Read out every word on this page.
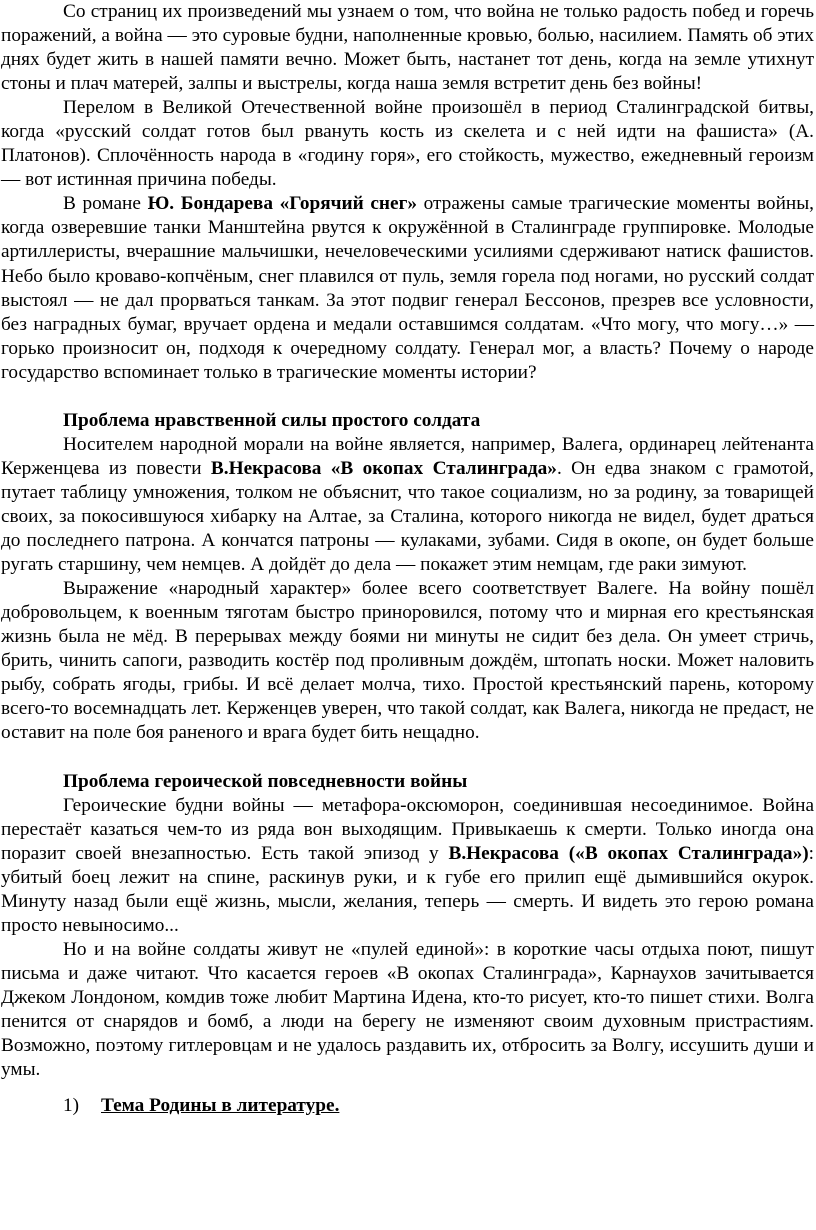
Со страниц их произведений мы узнаем о том, что война не только радость побед и горечь поражений, а война — это суровые будни, наполненные кровью, болью, насилием. Память об этих днях будет жить в нашей памяти вечно. Может быть, настанет тот день, когда на земле утихнут стоны и плач матерей, залпы и выстрелы, когда наша земля встретит день без войны!

Перелом в Великой Отечественной войне произошёл в период Сталинградской битвы, когда «русский солдат готов был рвануть кость из скелета и с ней идти на фашиста» (А. Платонов). Сплочённость народа в «годину горя», его стойкость, мужество, ежедневный героизм — вот истинная причина победы.

В романе Ю. Бондарева «Горячий снег» отражены самые трагические моменты войны, когда озверевшие танки Манштейна рвутся к окружённой в Сталинграде группировке. Молодые артиллеристы, вчерашние мальчишки, нечеловеческими усилиями сдерживают натиск фашистов. Небо было кроваво-копчёным, снег плавился от пуль, земля горела под ногами, но русский солдат выстоял — не дал прорваться танкам. За этот подвиг генерал Бессонов, презрев все условности, без наградных бумаг, вручает ордена и медали оставшимся солдатам. «Что могу, что могу…» — горько произносит он, подходя к очередному солдату. Генерал мог, а власть? Почему о народе государство вспоминает только в трагические моменты истории?

Проблема нравственной силы простого солдата

Носителем народной морали на войне является, например, Валега, ординарец лейтенанта Керженцева из повести В.Некрасова «В окопах Сталинграда». Он едва знаком с грамотой, путает таблицу умножения, толком не объяснит, что такое социализм, но за родину, за товарищей своих, за покосившуюся хибарку на Алтае, за Сталина, которого никогда не видел, будет драться до последнего патрона. А кончатся патроны — кулаками, зубами. Сидя в окопе, он будет больше ругать старшину, чем немцев. А дойдёт до дела — покажет этим немцам, где раки зимуют.

Выражение «народный характер» более всего соответствует Валеге. На войну пошёл добровольцем, к военным тяготам быстро приноровился, потому что и мирная его крестьянская жизнь была не мёд. В перерывах между боями ни минуты не сидит без дела. Он умеет стричь, брить, чинить сапоги, разводить костёр под проливным дождём, штопать носки. Может наловить рыбу, собрать ягоды, грибы. И всё делает молча, тихо. Простой крестьянский парень, которому всего-то восемнадцать лет. Керженцев уверен, что такой солдат, как Валега, никогда не предаст, не оставит на поле боя раненого и врага будет бить нещадно.

Проблема героической повседневности войны

Героические будни войны — метафора-оксюморон, соединившая несоединимое. Война перестаёт казаться чем-то из ряда вон выходящим. Привыкаешь к смерти. Только иногда она поразит своей внезапностью. Есть такой эпизод у В.Некрасова («В окопах Сталинграда»): убитый боец лежит на спине, раскинув руки, и к губе его прилип ещё дымившийся окурок. Минуту назад были ещё жизнь, мысли, желания, теперь — смерть. И видеть это герою романа просто невыносимо...

Но и на войне солдаты живут не «пулей единой»: в короткие часы отдыха поют, пишут письма и даже читают. Что касается героев «В окопах Сталинграда», Карнаухов зачитывается Джеком Лондоном, комдив тоже любит Мартина Идена, кто-то рисует, кто-то пишет стихи. Волга пенится от снарядов и бомб, а люди на берегу не изменяют своим духовным пристрастиям. Возможно, поэтому гитлеровцам и не удалось раздавить их, отбросить за Волгу, иссушить души и умы.

1) Тема Родины в литературе.
